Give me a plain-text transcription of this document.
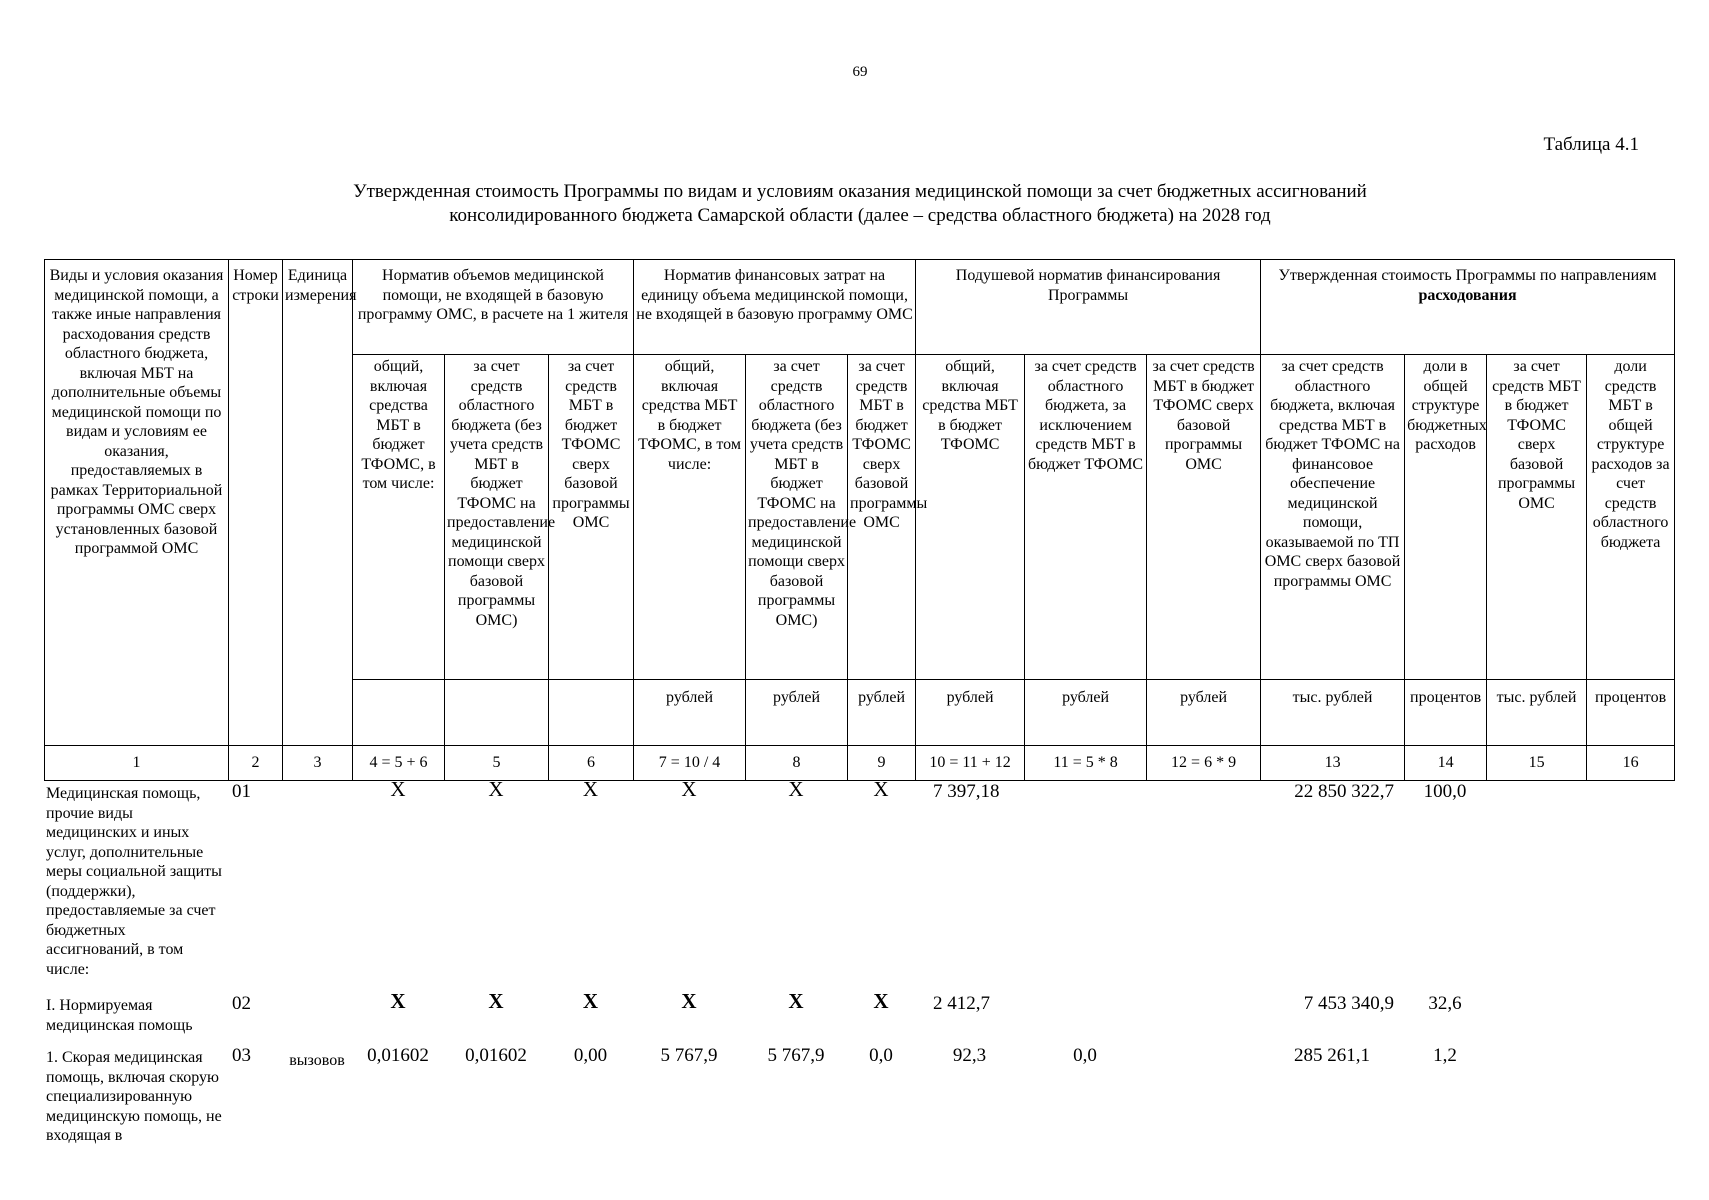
69
Таблица 4.1
Утвержденная стоимость Программы по видам и условиям оказания медицинской помощи за счет бюджетных ассигнований
консолидированного бюджета Самарской области (далее – средства областного бюджета) на 2028 год
Виды и условия оказания медицинской помощи, а также иные направления расходования средств областного бюджета, включая МБТ на дополнительные объемы медицинской помощи по видам и условиям ее оказания, предоставляемых в рамках Территориальной программы ОМС сверх установленных базовой программой ОМС	Номер строки	Единица измерения	Норматив объемов медицинской помощи, не входящей в базовую программу ОМС, в расчете на 1 жителя			Норматив финансовых затрат на единицу объема медицинской помощи, не входящей в базовую программу ОМС			Подушевой норматив финансирования Программы			Утвержденная стоимость Программы по направлениям расходования			
			общий, включая средства МБТ в бюджет ТФОМС, в том числе:	за счет средств областного бюджета (без учета средств МБТ в бюджет ТФОМС на предоставление медицинской помощи сверх базовой программы ОМС)	за счет средств МБТ в бюджет ТФОМС сверх базовой программы ОМС	общий, включая средства МБТ в бюджет ТФОМС, в том числе:	за счет средств областного бюджета (без учета средств МБТ в бюджет ТФОМС на предоставление медицинской помощи сверх базовой программы ОМС)	за счет средств МБТ в бюджет ТФОМС сверх базовой программы ОМС	общий, включая средства МБТ в бюджет ТФОМС	за счет средств областного бюджета, за исключением средств МБТ в бюджет ТФОМС	за счет средств МБТ в бюджет ТФОМС сверх базовой программы ОМС	за счет средств областного бюджета, включая средства МБТ в бюджет ТФОМС на финансовое обеспечение медицинской помощи, оказываемой по ТП ОМС сверх базовой программы ОМС	доли в общей структуре бюджетных расходов	за счет средств МБТ в бюджет ТФОМС сверх базовой программы ОМС	доли средств МБТ в общей структуре расходов за счет средств областного бюджета
						рублей	рублей	рублей	рублей	рублей	рублей	тыс. рублей	процентов	тыс. рублей	процентов
1	2	3	4 = 5 + 6	5	6	7 = 10 / 4	8	9	10 = 11 + 12	11 = 5 * 8	12 = 6 * 9	13	14	15	16
Медицинская помощь, прочие виды медицинских и иных услуг, дополнительные меры социальной защиты (поддержки), предоставляемые за счет бюджетных ассигнований, в том числе:	01		X	X	X	X	X	X	7 397,18			22 850 322,7	100,0		
I. Нормируемая медицинская помощь	02		X	X	X	X	X	X	2 412,7			7 453 340,9	32,6		
1. Скорая медицинская помощь, включая скорую специализированную медицинскую помощь, не входящая в	03	вызовов	0,01602	0,01602	0,00	5 767,9	5 767,9	0,0	92,3	0,0		285 261,1	1,2		
